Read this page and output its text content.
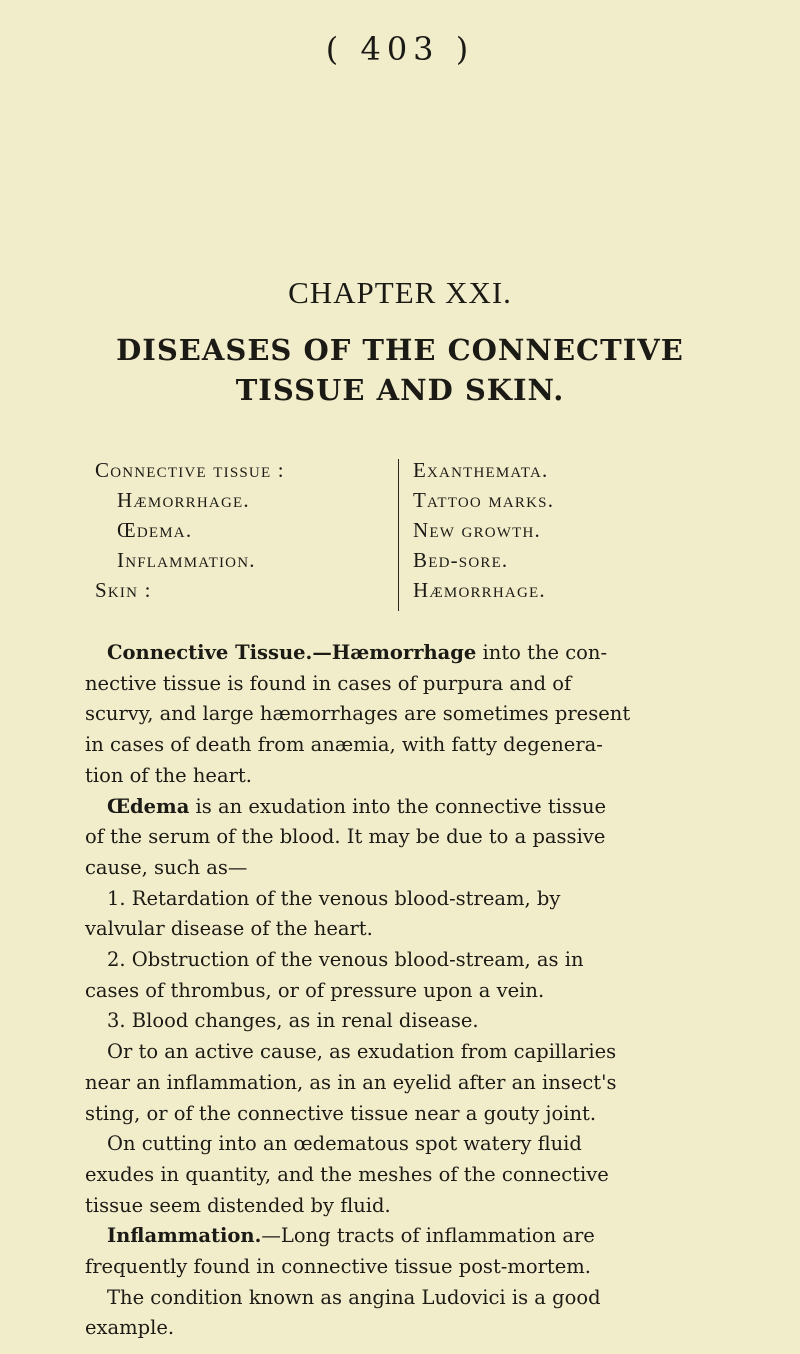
( 403 )
CHAPTER XXI.
DISEASES OF THE CONNECTIVE
TISSUE AND SKIN.
Connective tissue :
Hæmorrhage.
Œdema.
Inflammation.
Skin :
Exanthemata.
Tattoo marks.
New growth.
Bed-sore.
Hæmorrhage.
Connective Tissue.—Hæmorrhage into the con-
nective tissue is found in cases of purpura and of
scurvy, and large hæmorrhages are sometimes present
in cases of death from anæmia, with fatty degenera-
tion of the heart.
Œdema is an exudation into the connective tissue
of the serum of the blood. It may be due to a passive
cause, such as—
1. Retardation of the venous blood-stream, by
valvular disease of the heart.
2. Obstruction of the venous blood-stream, as in
cases of thrombus, or of pressure upon a vein.
3. Blood changes, as in renal disease.
Or to an active cause, as exudation from capillaries
near an inflammation, as in an eyelid after an insect's
sting, or of the connective tissue near a gouty joint.
On cutting into an œdematous spot watery fluid
exudes in quantity, and the meshes of the connective
tissue seem distended by fluid.
Inflammation.—Long tracts of inflammation are
frequently found in connective tissue post-mortem.
The condition known as angina Ludovici is a good
example.
